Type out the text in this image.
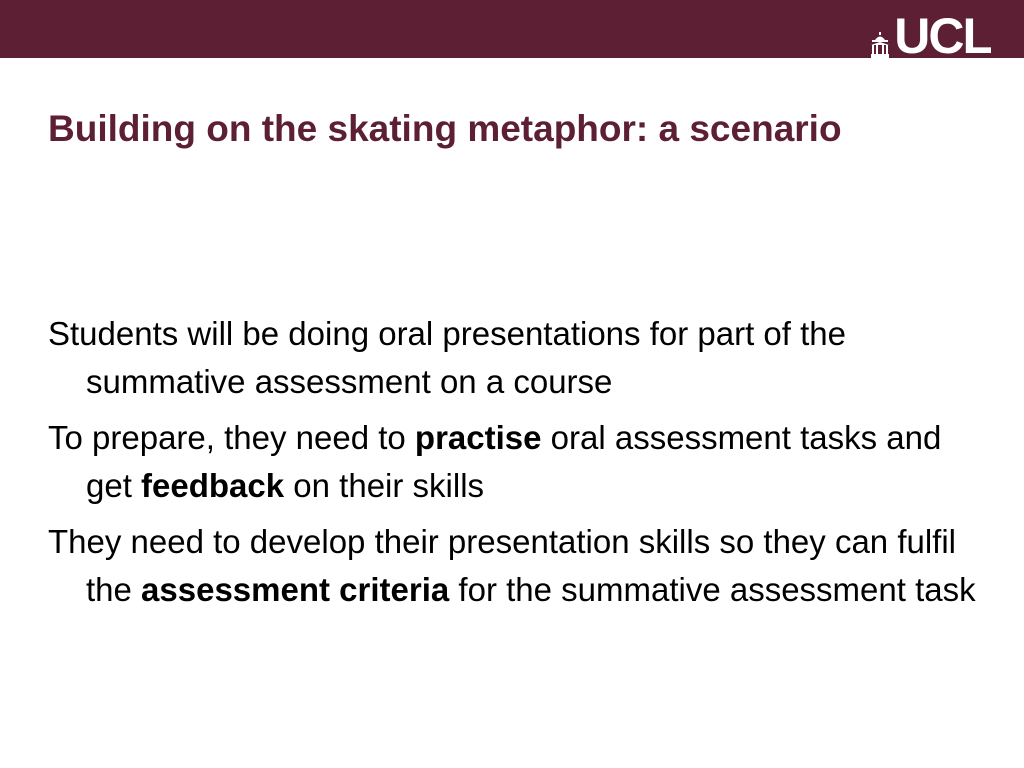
UCL
Building on the skating metaphor: a scenario
Students will be doing oral presentations for part of the summative assessment on a course
To prepare, they need to practise oral assessment tasks and get feedback on their skills
They need to develop their presentation skills so they can fulfil the assessment criteria for the summative assessment task
